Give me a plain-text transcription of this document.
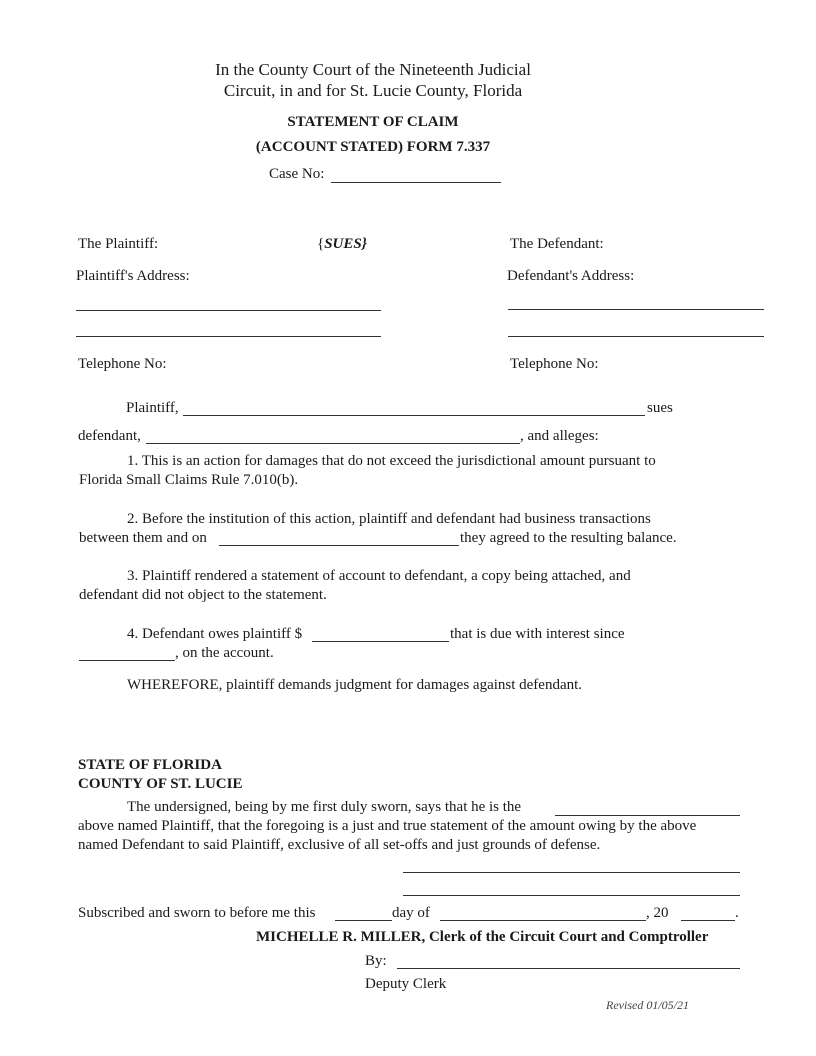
In the County Court of the Nineteenth Judicial
Circuit, in and for St. Lucie County, Florida
STATEMENT OF CLAIM
(ACCOUNT STATED) FORM 7.337
Case No:
The Plaintiff:	{SUES}	The Defendant:
Plaintiff's Address:	Defendant's Address:
Telephone No:	Telephone No:
Plaintiff,	sues
defendant,	, and alleges:
1. This is an action for damages that do not exceed the jurisdictional amount pursuant to
Florida Small Claims Rule 7.010(b).
2. Before the institution of this action, plaintiff and defendant had business transactions
between them and on	they agreed to the resulting balance.
3. Plaintiff rendered a statement of account to defendant, a copy being attached, and
defendant did not object to the statement.
4. Defendant owes plaintiff $	that is due with interest since
, on the account.
WHEREFORE, plaintiff demands judgment for damages against defendant.
STATE OF FLORIDA
COUNTY OF ST. LUCIE
The undersigned, being by me first duly sworn, says that he is the
above named Plaintiff, that the foregoing is a just and true statement of the amount owing by the above
named Defendant to said Plaintiff, exclusive of all set-offs and just grounds of defense.
Subscribed and sworn to before me this	day of	, 20	.
MICHELLE R. MILLER, Clerk of the Circuit Court and Comptroller
By:
Deputy Clerk
Revised 01/05/21
